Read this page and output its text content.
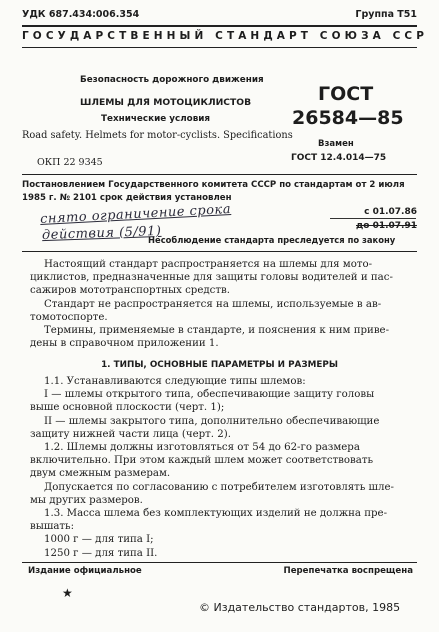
УДК 687.434:006.354	Группа Т51
ГОСУДАРСТВЕННЫЙ СТАНДАРТ СОЮЗА ССР
Безопасность дорожного движения
ШЛЕМЫ ДЛЯ МОТОЦИКЛИСТОВ
Технические условия
Road safety. Helmets for motor-cyclists. Specifications
ОКП 22 9345
ГОСТ
26584—85
Взамен
ГОСТ 12.4.014—75
Постановлением Государственного комитета СССР по стандартам от 2 июля
1985 г. № 2101 срок действия установлен
с 01.07.86
до 01.07.91
снято ограничение срока
действия (5/91)
Несоблюдение стандарта преследуется по закону
Настоящий стандарт распространяется на шлемы для мото-
циклистов, предназначенные для защиты головы водителей и пас-
сажиров мототранспортных средств.
Стандарт не распространяется на шлемы, используемые в ав-
томотоспорте.
Термины, применяемые в стандарте, и пояснения к ним приве-
дены в справочном приложении 1.
1. ТИПЫ, ОСНОВНЫЕ ПАРАМЕТРЫ И РАЗМЕРЫ
1.1. Устанавливаются следующие типы шлемов:
I — шлемы открытого типа, обеспечивающие защиту головы
выше основной плоскости (черт. 1);
II — шлемы закрытого типа, дополнительно обеспечивающие
защиту нижней части лица (черт. 2).
1.2. Шлемы должны изготовляться от 54 до 62-го размера
включительно. При этом каждый шлем может соответствовать
двум смежным размерам.
Допускается по согласованию с потребителем изготовлять шле-
мы других размеров.
1.3. Масса шлема без комплектующих изделий не должна пре-
вышать:
1000 г — для типа I;
1250 г — для типа II.
Издание официальное	Перепечатка воспрещена
★
© Издательство стандартов, 1985
